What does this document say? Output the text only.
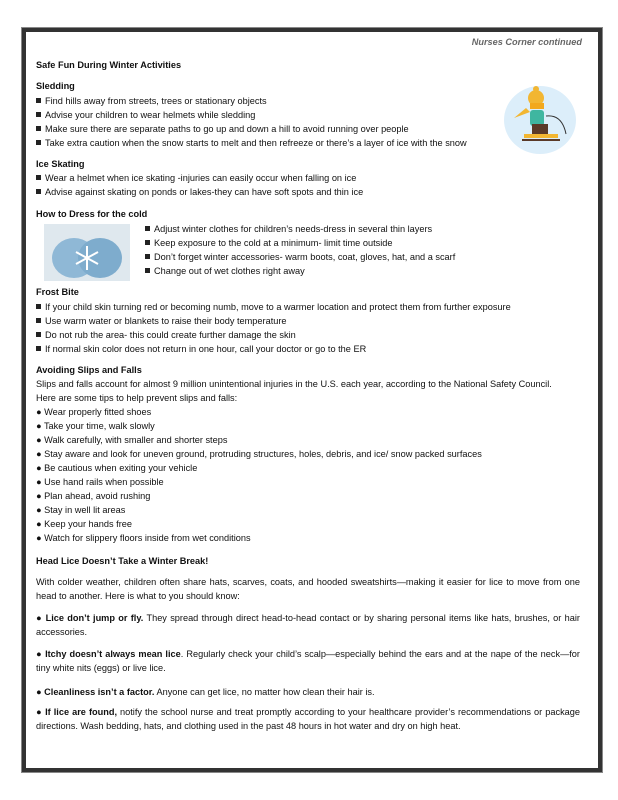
Nurses Corner continued
Safe Fun During Winter Activities
Sledding
Find hills away from streets, trees or stationary objects
Advise your children to wear helmets while sledding
Make sure there are separate paths to go up and down a hill to avoid running over people
Take extra caution when the snow starts to melt and then refreeze or there’s a layer of ice with the snow
Ice Skating
Wear a helmet when ice skating -injuries can easily occur when falling on ice
Advise against skating on ponds or lakes-they can have soft spots and thin ice
How to Dress for the cold
Adjust winter clothes for children’s needs-dress in several thin layers
Keep exposure to the cold at a minimum- limit time outside
Don’t forget winter accessories- warm boots, coat, gloves, hat, and a scarf
Change out of wet clothes right away
Frost Bite
If your child skin turning red or becoming numb, move to a warmer location and protect them from further exposure
Use warm water or blankets to raise their body temperature
Do not rub the area- this could create further damage the skin
If normal skin color does not return in one hour, call your doctor or go to the ER
Avoiding Slips and Falls
Slips and falls account for almost 9 million unintentional injuries in the U.S. each year, according to the National Safety Council.
Here are some tips to help prevent slips and falls:
● Wear properly fitted shoes
● Take your time, walk slowly
● Walk carefully, with smaller and shorter steps
● Stay aware and look for uneven ground, protruding structures, holes, debris, and ice/ snow packed surfaces
● Be cautious when exiting your vehicle
● Use hand rails when possible
● Plan ahead, avoid rushing
● Stay in well lit areas
● Keep your hands free
● Watch for slippery floors inside from wet conditions
Head Lice Doesn’t Take a Winter Break!
With colder weather, children often share hats, scarves, coats, and hooded sweatshirts—making it easier for lice to move from one head to another. Here is what to you should know:
● Lice don’t jump or fly. They spread through direct head-to-head contact or by sharing personal items like hats, brushes, or hair accessories.
● Itchy doesn’t always mean lice. Regularly check your child’s scalp—especially behind the ears and at the nape of the neck—for tiny white nits (eggs) or live lice.
● Cleanliness isn’t a factor. Anyone can get lice, no matter how clean their hair is.
● If lice are found, notify the school nurse and treat promptly according to your healthcare provider’s recommendations or package directions. Wash bedding, hats, and clothing used in the past 48 hours in hot water and dry on high heat.
